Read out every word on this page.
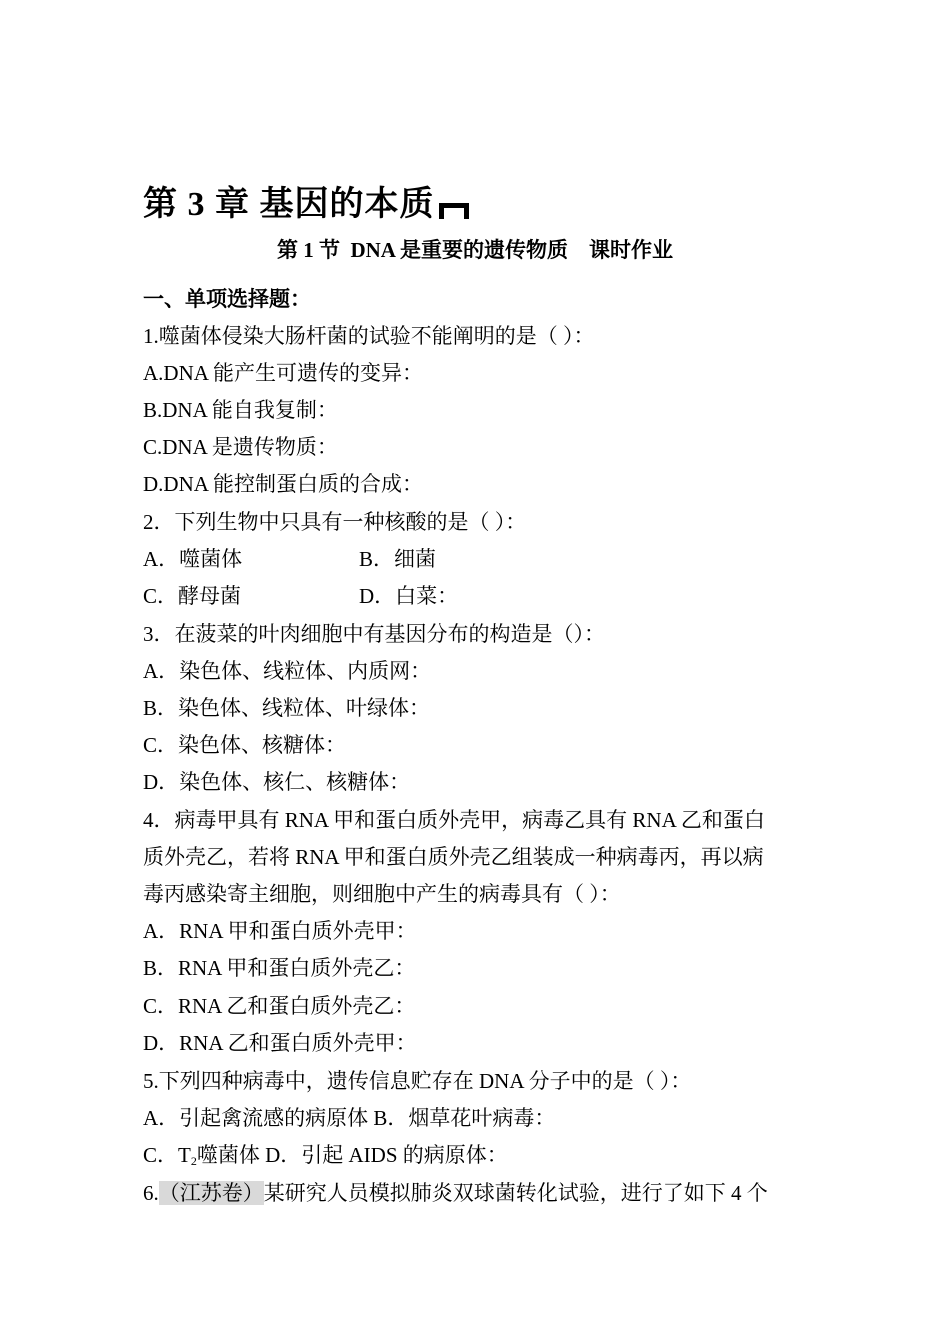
第 3 章 基因的本质
第 1 节  DNA 是重要的遗传物质    课时作业
一、单项选择题：
1.噬菌体侵染大肠杆菌的试验不能阐明的是（ ）：
A.DNA 能产生可遗传的变异：
B.DNA 能自我复制：
C.DNA 是遗传物质：
D.DNA 能控制蛋白质的合成：
2．下列生物中只具有一种核酸的是（ ）：
A．噬菌体	B．细菌
C．酵母菌	D．白菜：
3．在菠菜的叶肉细胞中有基因分布的构造是（）：
A．染色体、线粒体、内质网：
B．染色体、线粒体、叶绿体：
C．染色体、核糖体：
D．染色体、核仁、核糖体：
4．病毒甲具有 RNA 甲和蛋白质外壳甲，病毒乙具有 RNA 乙和蛋白
质外壳乙，若将 RNA 甲和蛋白质外壳乙组装成一种病毒丙，再以病
毒丙感染寄主细胞，则细胞中产生的病毒具有（ ）：
A．RNA 甲和蛋白质外壳甲：
B．RNA 甲和蛋白质外壳乙：
C．RNA 乙和蛋白质外壳乙：
D．RNA 乙和蛋白质外壳甲：
5.下列四种病毒中，遗传信息贮存在 DNA 分子中的是（ ）：
A．引起禽流感的病原体 B．烟草花叶病毒：
C．$T_2$噬菌体 D．引起 AIDS 的病原体：
6.（江苏卷）某研究人员模拟肺炎双球菌转化试验，进行了如下 4 个
